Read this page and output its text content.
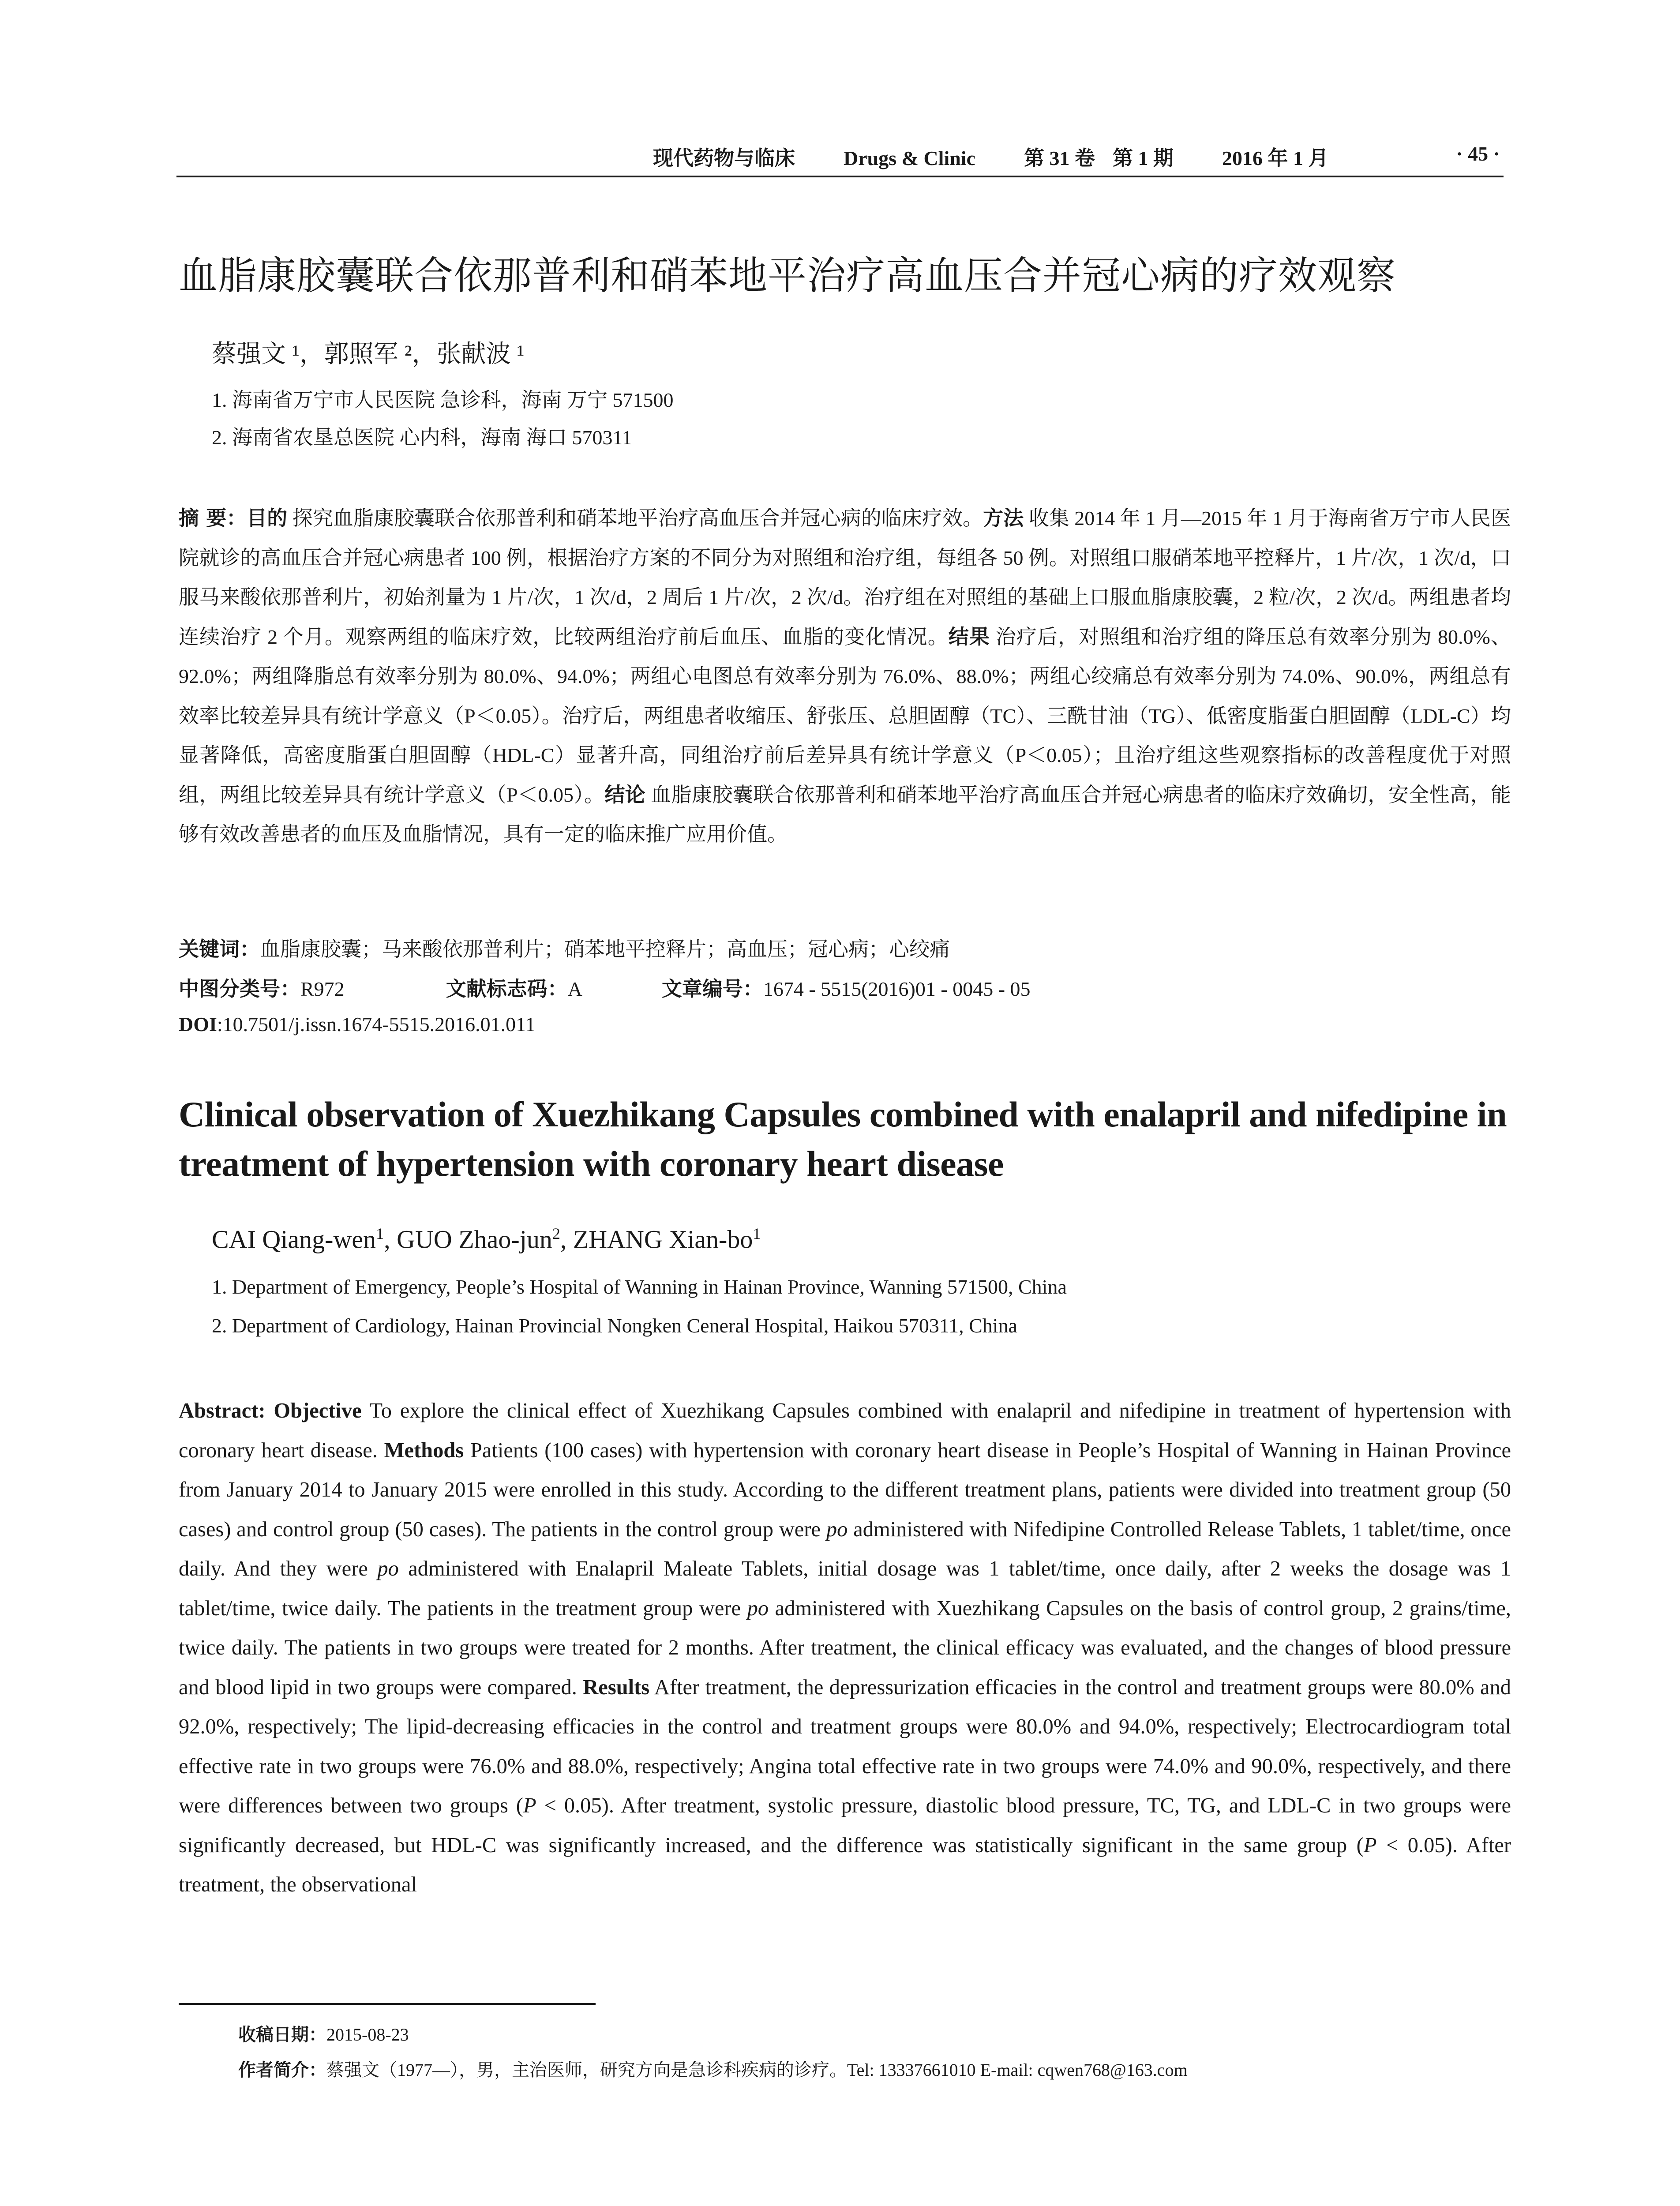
现代药物与临床 Drugs & Clinic 第 31 卷 第 1 期 2016 年 1 月	· 45 ·
血脂康胶囊联合依那普利和硝苯地平治疗高血压合并冠心病的疗效观察
蔡强文 ¹，郭照军 ²，张献波 ¹
1. 海南省万宁市人民医院 急诊科，海南 万宁 571500
2. 海南省农垦总医院 心内科，海南 海口 570311
摘 要：目的 探究血脂康胶囊联合依那普利和硝苯地平治疗高血压合并冠心病的临床疗效。方法 收集 2014 年 1 月—2015 年 1 月于海南省万宁市人民医院就诊的高血压合并冠心病患者 100 例，根据治疗方案的不同分为对照组和治疗组，每组各 50 例。对照组口服硝苯地平控释片，1 片/次，1 次/d，口服马来酸依那普利片，初始剂量为 1 片/次，1 次/d，2 周后 1 片/次，2 次/d。治疗组在对照组的基础上口服血脂康胶囊，2 粒/次，2 次/d。两组患者均连续治疗 2 个月。观察两组的临床疗效，比较两组治疗前后血压、血脂的变化情况。结果 治疗后，对照组和治疗组的降压总有效率分别为 80.0%、92.0%；两组降脂总有效率分别为 80.0%、94.0%；两组心电图总有效率分别为 76.0%、88.0%；两组心绞痛总有效率分别为 74.0%、90.0%，两组总有效率比较差异具有统计学意义（P＜0.05）。治疗后，两组患者收缩压、舒张压、总胆固醇（TC）、三酰甘油（TG）、低密度脂蛋白胆固醇（LDL-C）均显著降低，高密度脂蛋白胆固醇（HDL-C）显著升高，同组治疗前后差异具有统计学意义（P＜0.05）；且治疗组这些观察指标的改善程度优于对照组，两组比较差异具有统计学意义（P＜0.05）。结论 血脂康胶囊联合依那普利和硝苯地平治疗高血压合并冠心病患者的临床疗效确切，安全性高，能够有效改善患者的血压及血脂情况，具有一定的临床推广应用价值。
关键词：血脂康胶囊；马来酸依那普利片；硝苯地平控释片；高血压；冠心病；心绞痛
中图分类号：R972	文献标志码：A	文章编号：1674 - 5515(2016)01 - 0045 - 05
DOI:10.7501/j.issn.1674-5515.2016.01.011
Clinical observation of Xuezhikang Capsules combined with enalapril and nifedipine in treatment of hypertension with coronary heart disease
CAI Qiang-wen$^1$, GUO Zhao-jun$^2$, ZHANG Xian-$bo^1$
1. Department of Emergency, People’s Hospital of Wanning in Hainan Province, Wanning 571500, China
2. Department of Cardiology, Hainan Provincial Nongken Ceneral Hospital, Haikou 570311, China
Abstract: Objective To explore the clinical effect of Xuezhikang Capsules combined with enalapril and nifedipine in treatment of hypertension with coronary heart disease. Methods Patients (100 cases) with hypertension with coronary heart disease in People’s Hospital of Wanning in Hainan Province from January 2014 to January 2015 were enrolled in this study. According to the different treatment plans, patients were divided into treatment group (50 cases) and control group (50 cases). The patients in the control group were po administered with Nifedipine Controlled Release Tablets, 1 tablet/time, once daily. And they were po administered with Enalapril Maleate Tablets, initial dosage was 1 tablet/time, once daily, after 2 weeks the dosage was 1 tablet/time, twice daily. The patients in the treatment group were po administered with Xuezhikang Capsules on the basis of control group, 2 grains/time, twice daily. The patients in two groups were treated for 2 months. After treatment, the clinical efficacy was evaluated, and the changes of blood pressure and blood lipid in two groups were compared. Results After treatment, the depressurization efficacies in the control and treatment groups were 80.0% and 92.0%, respectively; The lipid-decreasing efficacies in the control and treatment groups were 80.0% and 94.0%, respectively; Electrocardiogram total effective rate in two groups were 76.0% and 88.0%, respectively; Angina total effective rate in two groups were 74.0% and 90.0%, respectively, and there were differences between two groups (P < 0.05). After treatment, systolic pressure, diastolic blood pressure, TC, TG, and LDL-C in two groups were significantly decreased, but HDL-C was significantly increased, and the difference was statistically significant in the same group (P < 0.05). After treatment, the observational
收稿日期：2015-08-23
作者简介：蔡强文（1977—），男，主治医师，研究方向是急诊科疾病的诊疗。Tel: 13337661010 E-mail: cqwen768@163.com
